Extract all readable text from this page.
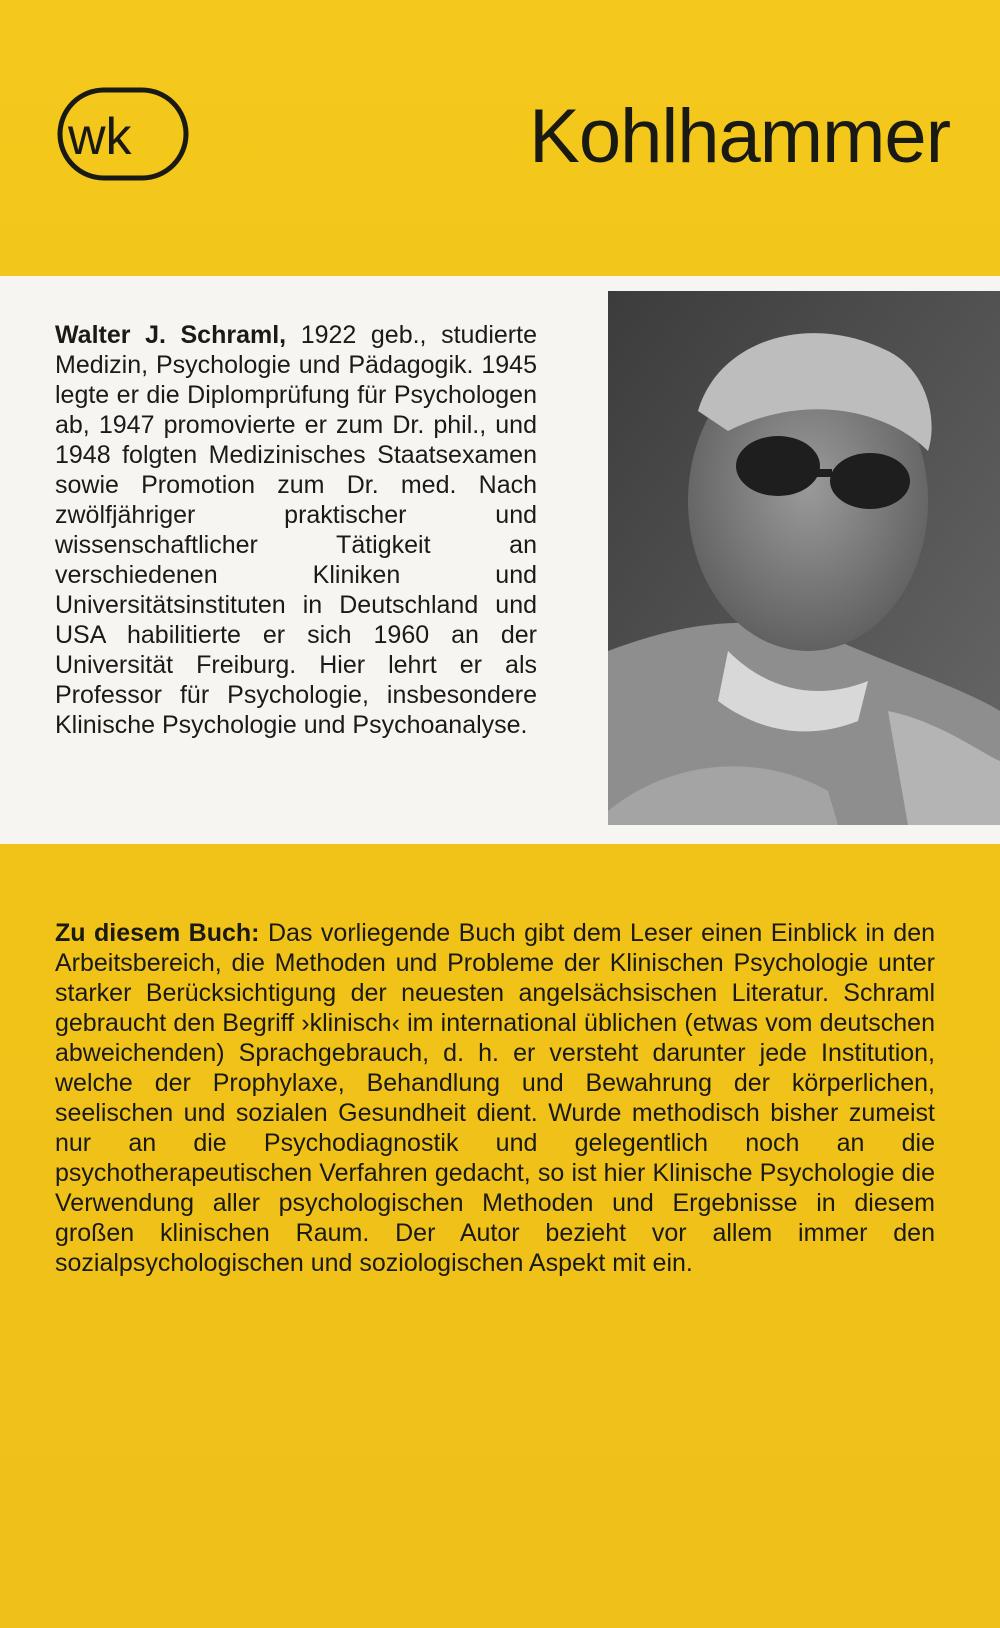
wk	Kohlhammer

Walter J. Schraml, 1922 geb., studierte Medizin, Psychologie und Pädagogik. 1945 legte er die Diplomprüfung für Psychologen ab, 1947 promovierte er zum Dr. phil., und 1948 folgten Medizinisches Staatsexamen sowie Promotion zum Dr. med. Nach zwölfjähriger praktischer und wissenschaftlicher Tätigkeit an verschiedenen Kliniken und Universitätsinstituten in Deutschland und USA habilitierte er sich 1960 an der Universität Freiburg. Hier lehrt er als Professor für Psychologie, insbesondere Klinische Psychologie und Psychoanalyse.

Zu diesem Buch: Das vorliegende Buch gibt dem Leser einen Einblick in den Arbeitsbereich, die Methoden und Probleme der Klinischen Psychologie unter starker Berücksichtigung der neuesten angelsächsischen Literatur. Schraml gebraucht den Begriff ›klinisch‹ im international üblichen (etwas vom deutschen abweichenden) Sprachgebrauch, d. h. er versteht darunter jede Institution, welche der Prophylaxe, Behandlung und Bewahrung der körperlichen, seelischen und sozialen Gesundheit dient. Wurde methodisch bisher zumeist nur an die Psychodiagnostik und gelegentlich noch an die psychotherapeutischen Verfahren gedacht, so ist hier Klinische Psychologie die Verwendung aller psychologischen Methoden und Ergebnisse in diesem großen klinischen Raum. Der Autor bezieht vor allem immer den sozialpsychologischen und soziologischen Aspekt mit ein.
